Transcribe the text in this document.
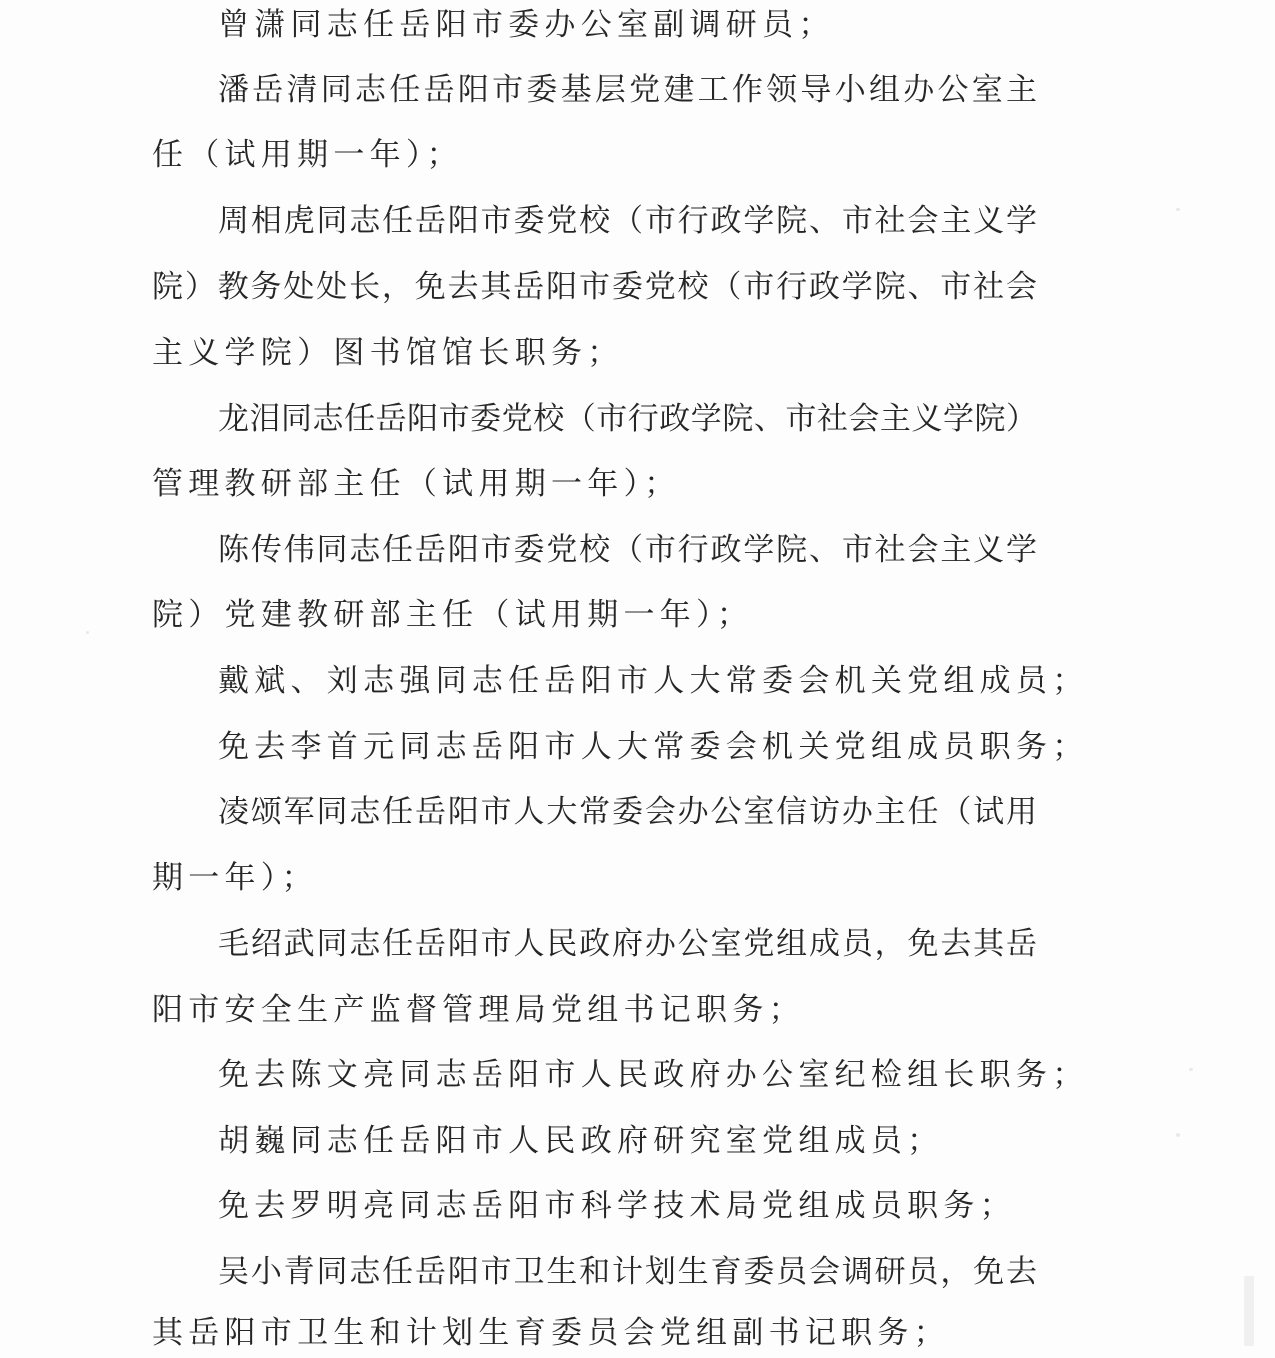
曾潇同志任岳阳市委办公室副调研员；
潘岳清同志任岳阳市委基层党建工作领导小组办公室主
任（试用期一年）；
周相虎同志任岳阳市委党校（市行政学院、市社会主义学
院）教务处处长，免去其岳阳市委党校（市行政学院、市社会
主义学院）图书馆馆长职务；
龙泪同志任岳阳市委党校（市行政学院、市社会主义学院）
管理教研部主任（试用期一年）；
陈传伟同志任岳阳市委党校（市行政学院、市社会主义学
院）党建教研部主任（试用期一年）；
戴斌、刘志强同志任岳阳市人大常委会机关党组成员；
免去李首元同志岳阳市人大常委会机关党组成员职务；
凌颂军同志任岳阳市人大常委会办公室信访办主任（试用
期一年）；
毛绍武同志任岳阳市人民政府办公室党组成员，免去其岳
阳市安全生产监督管理局党组书记职务；
免去陈文亮同志岳阳市人民政府办公室纪检组长职务；
胡巍同志任岳阳市人民政府研究室党组成员；
免去罗明亮同志岳阳市科学技术局党组成员职务；
吴小青同志任岳阳市卫生和计划生育委员会调研员，免去
其岳阳市卫生和计划生育委员会党组副书记职务；
